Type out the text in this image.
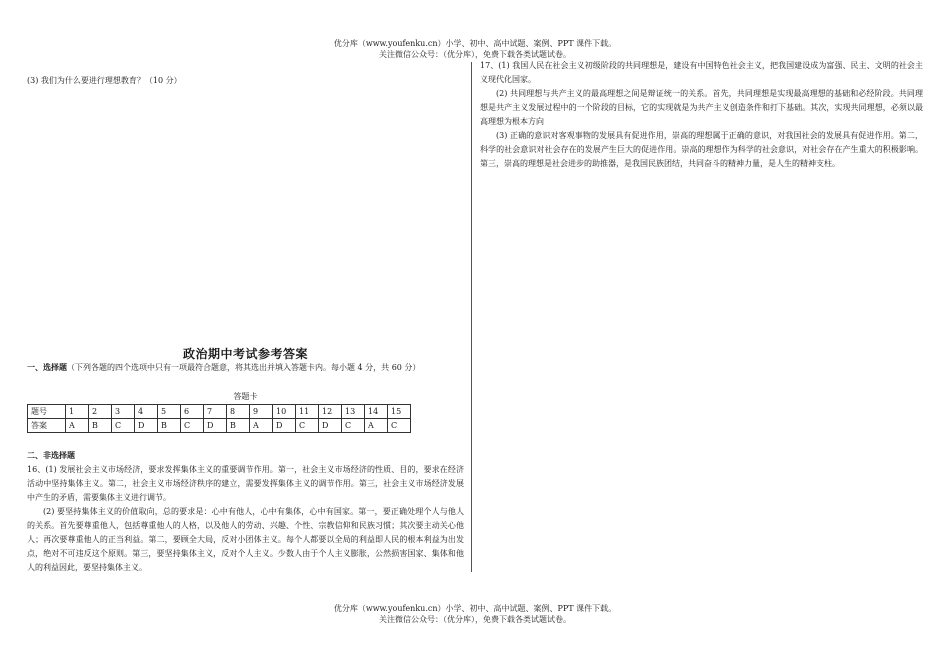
优分库（www.youfenku.cn）小学、初中、高中试题、案例、PPT 课件下载。
关注微信公众号：（优分库），免费下载各类试题试卷。
(3) 我们为什么要进行理想教育？（10 分）
政治期中考试参考答案
一、选择题（下列各题的四个选项中只有一项最符合题意，将其选出并填入答题卡内。每小题 4 分，共 60 分）
答题卡
题号	1	2	3	4	5	6	7	8	9	10	11	12	13	14	15
答案	A	B	C	D	B	C	D	B	A	D	C	D	C	A	C
二、非选择题

16、(1) 发展社会主义市场经济，要求发挥集体主义的重要调节作用。第一，社会主义市场经济的性质、目的，要求在经济活动中坚持集体主义。第二，社会主义市场经济秩序的建立，需要发挥集体主义的调节作用。第三，社会主义市场经济发展中产生的矛盾，需要集体主义进行调节。

(2) 要坚持集体主义的价值取向，总的要求是：心中有他人，心中有集体，心中有国家。第一，要正确处理个人与他人的关系。首先要尊重他人，包括尊重他人的人格，以及他人的劳动、兴趣、个性、宗教信仰和民族习惯；其次要主动关心他人；再次要尊重他人的正当利益。第二，要顾全大局，反对小团体主义。每个人都要以全局的利益即人民的根本利益为出发点，绝对不可违反这个原则。第三，要坚持集体主义，反对个人主义。少数人由于个人主义膨胀，公然损害国家、集体和他人的利益因此，要坚持集体主义。

17、(1) 我国人民在社会主义初级阶段的共同理想是，建设有中国特色社会主义，把我国建设成为富强、民主、文明的社会主义现代化国家。

(2) 共同理想与共产主义的最高理想之间是辩证统一的关系。首先，共同理想是实现最高理想的基础和必经阶段。共同理想是共产主义发展过程中的一个阶段的目标，它的实现就是为共产主义创造条件和打下基础。其次，实现共同理想，必须以最高理想为根本方向

(3) 正确的意识对客观事物的发展具有促进作用，崇高的理想属于正确的意识，对我国社会的发展具有促进作用。第二，科学的社会意识对社会存在的发展产生巨大的促进作用。崇高的理想作为科学的社会意识，对社会存在产生重大的积极影响。第三，崇高的理想是社会进步的助推器，是我国民族团结，共同奋斗的精神力量，是人生的精神支柱。

优分库（www.youfenku.cn）小学、初中、高中试题、案例、PPT 课件下载。
关注微信公众号：（优分库），免费下载各类试题试卷。
